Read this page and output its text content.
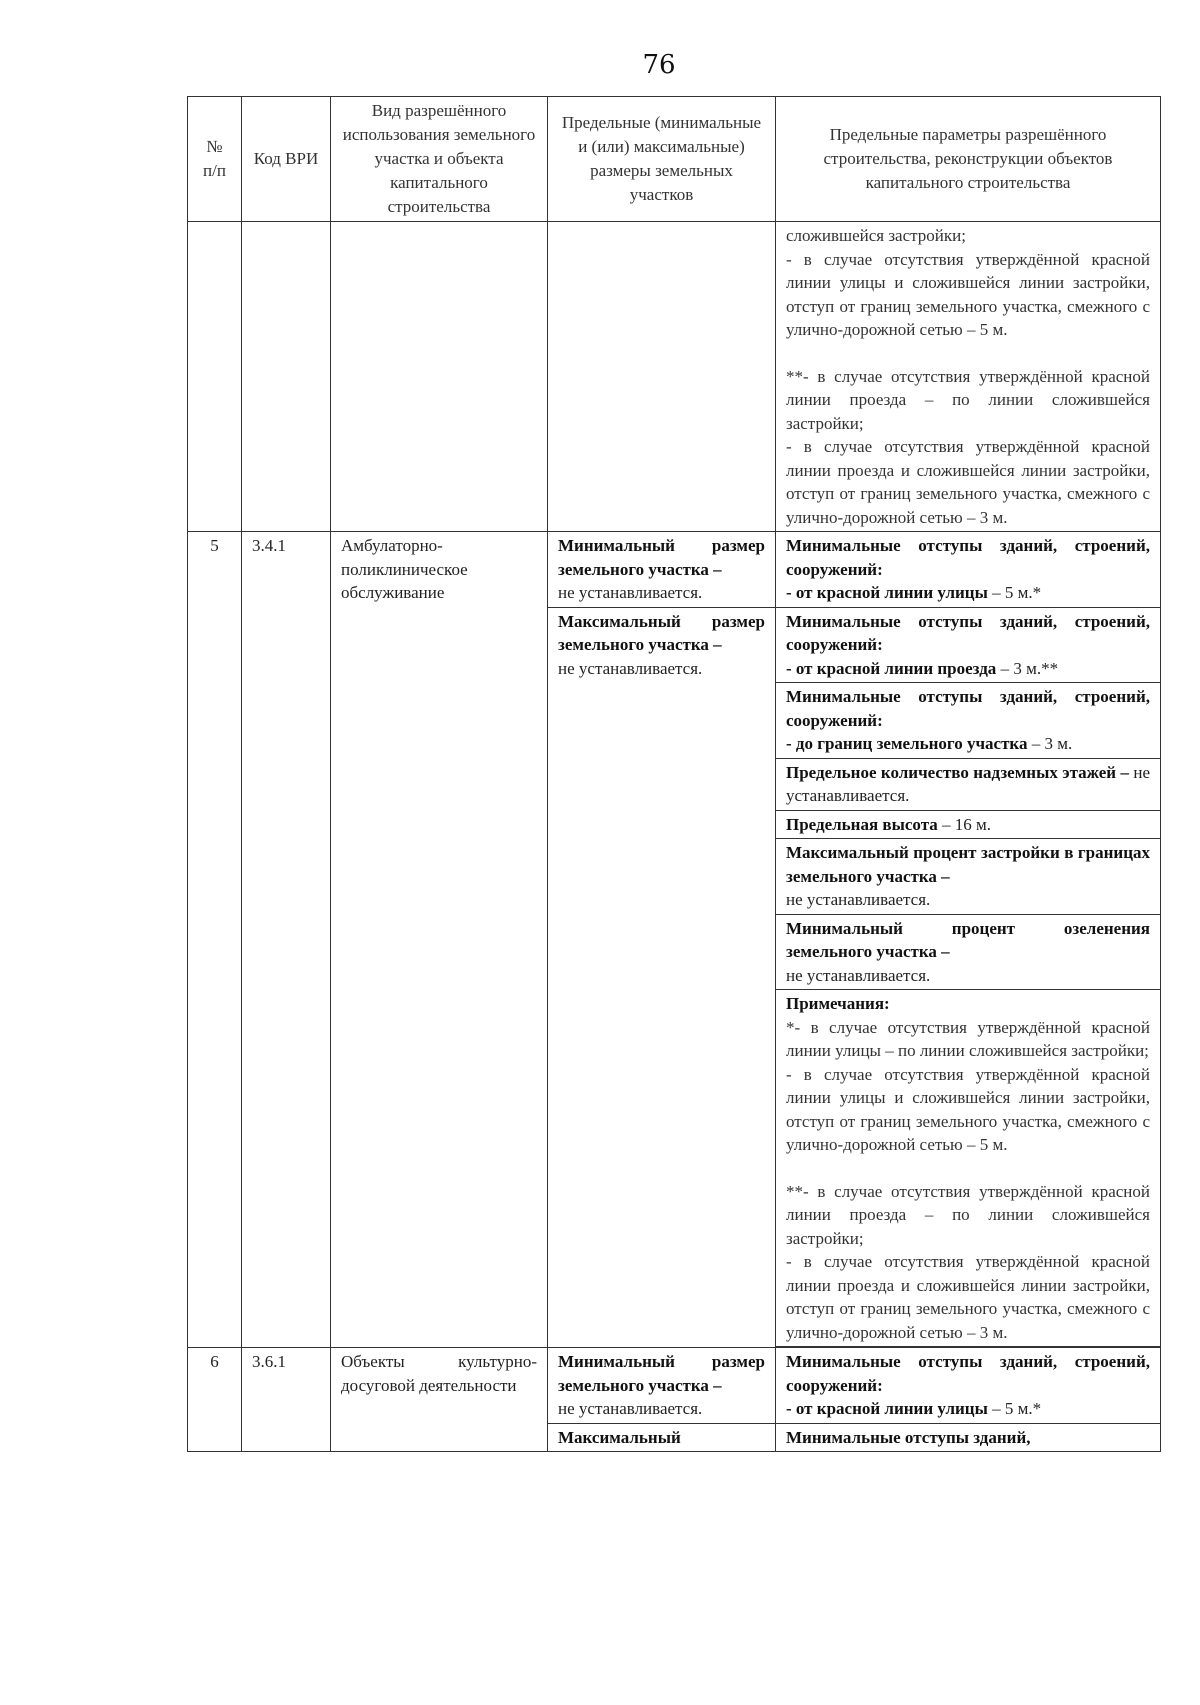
76
№ п/п	Код ВРИ	Вид разрешённого использования земельного участка и объекта капитального строительства	Предельные (минимальные и (или) максимальные) размеры земельных участков	Предельные параметры разрешённого строительства, реконструкции объектов капитального строительства

				сложившейся застройки;

- в случае отсутствия утверждённой красной линии улицы и сложившейся линии застройки, отступ от границ земельного участка, смежного с улично-дорожной сетью – 5 м.

**- в случае отсутствия утверждённой красной линии проезда – по линии сложившейся застройки;

- в случае отсутствия утверждённой красной линии проезда и сложившейся линии застройки, отступ от границ земельного участка, смежного с улично-дорожной сетью – 3 м.

5	3.4.1	Амбулаторно-поликлиническое обслуживание	Минимальный размер земельного участка –
не устанавливается.	Минимальные отступы зданий, строений, сооружений:
- от красной линии улицы – 5 м.*
			Максимальный размер земельного участка –
не устанавливается.	Минимальные отступы зданий, строений, сооружений:
- от красной линии проезда – 3 м.**
				Минимальные отступы зданий, строений, сооружений:
- до границ земельного участка – 3 м.
				Предельное количество надземных этажей – не устанавливается.
				Предельная высота – 16 м.
				Максимальный процент застройки в границах земельного участка –
не устанавливается.
				Минимальный процент озеленения земельного участка –
не устанавливается.
				Примечания:

*- в случае отсутствия утверждённой красной линии улицы – по линии сложившейся застройки;

- в случае отсутствия утверждённой красной линии улицы и сложившейся линии застройки, отступ от границ земельного участка, смежного с улично-дорожной сетью – 5 м.

**- в случае отсутствия утверждённой красной линии проезда – по линии сложившейся застройки;

- в случае отсутствия утверждённой красной линии проезда и сложившейся линии застройки, отступ от границ земельного участка, смежного с улично-дорожной сетью – 3 м.

6	3.6.1	Объекты культурно-досуговой деятельности	Минимальный размер земельного участка –
не устанавливается.	Минимальные отступы зданий, строений, сооружений:
- от красной линии улицы – 5 м.*
			Максимальный	Минимальные отступы зданий,
